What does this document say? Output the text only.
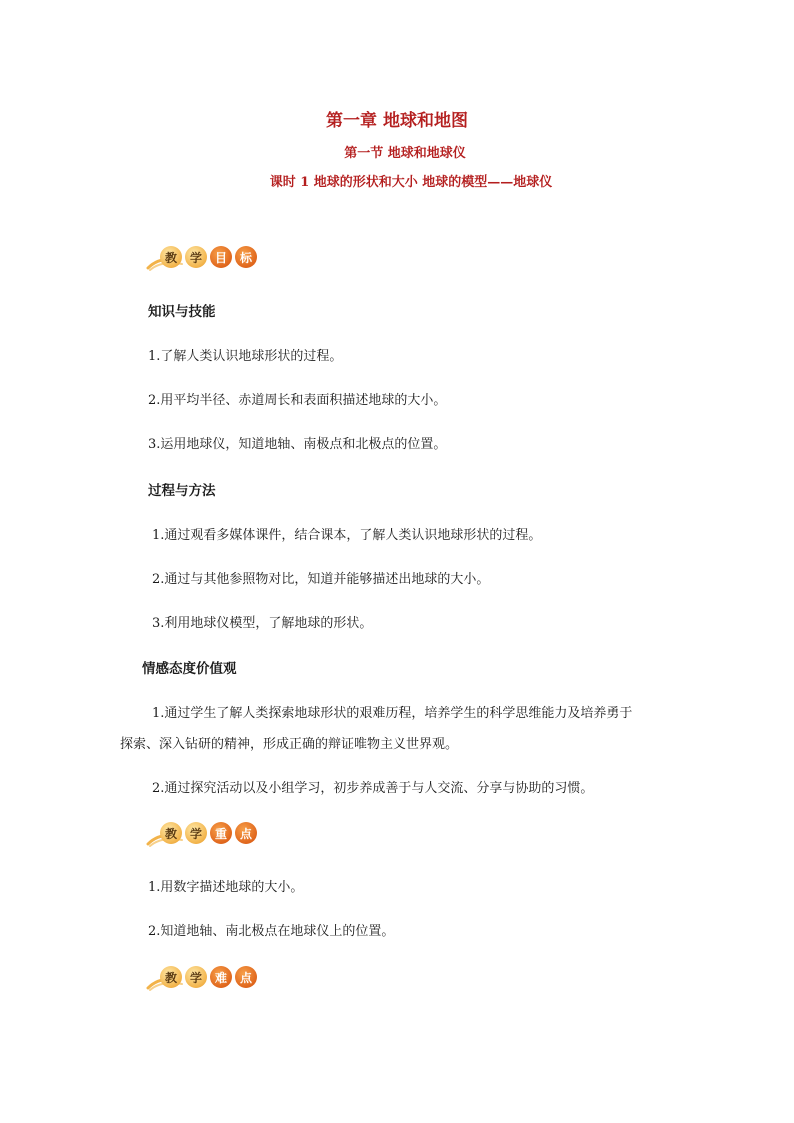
第一章 地球和地图
第一节 地球和地球仪
课时 1 地球的形状和大小 地球的模型——地球仪
教	学	目	标
知识与技能
1.了解人类认识地球形状的过程。
2.用平均半径、赤道周长和表面积描述地球的大小。
3.运用地球仪，知道地轴、南极点和北极点的位置。
过程与方法
1.通过观看多媒体课件，结合课本，了解人类认识地球形状的过程。
2.通过与其他参照物对比，知道并能够描述出地球的大小。
3.利用地球仪模型，了解地球的形状。
情感态度价值观
1.通过学生了解人类探索地球形状的艰难历程，培养学生的科学思维能力及培养勇于
探索、深入钻研的精神，形成正确的辩证唯物主义世界观。
2.通过探究活动以及小组学习，初步养成善于与人交流、分享与协助的习惯。
教	学	重	点
1.用数字描述地球的大小。
2.知道地轴、南北极点在地球仪上的位置。
教	学	难	点
